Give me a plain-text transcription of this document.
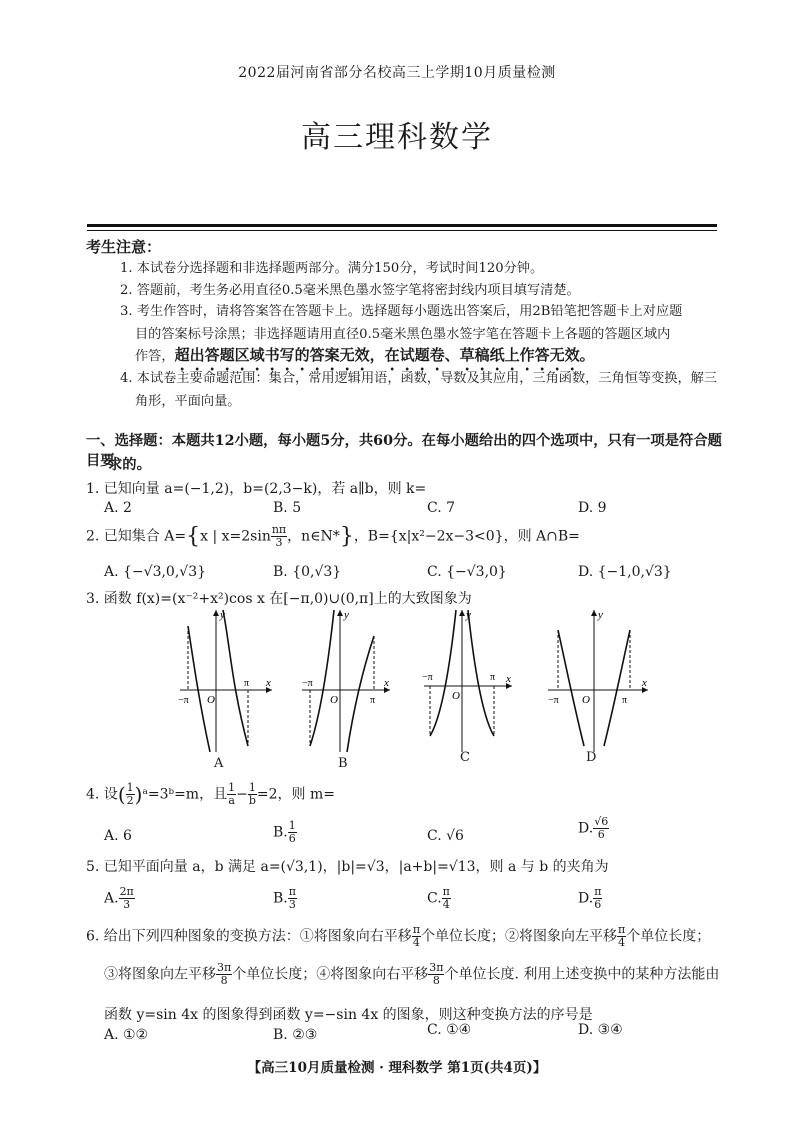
2022届河南省部分名校高三上学期10月质量检测
高三理科数学
考生注意：
1. 本试卷分选择题和非选择题两部分。满分150分，考试时间120分钟。
2. 答题前，考生务必用直径0.5毫米黑色墨水签字笔将密封线内项目填写清楚。
3. 考生作答时，请将答案答在答题卡上。选择题每小题选出答案后，用2B铅笔把答题卡上对应题
目的答案标号涂黑；非选择题请用直径0.5毫米黑色墨水签字笔在答题卡上各题的答题区域内
作答，超出答题区域书写的答案无效，在试题卷、草稿纸上作答无效。
4. 本试卷主要命题范围：集合，常用逻辑用语，函数，导数及其应用，三角函数，三角恒等变换，解三
角形，平面向量。
一、选择题：本题共12小题，每小题5分，共60分。在每小题给出的四个选项中，只有一项是符合题目要
求的。
1. 已知向量 a=(−1,2)，b=(2,3−k)，若 a∥b，则 k=
A. 2	B. 5	C. 7	D. 9
2. 已知集合 A={x | $x=2\sin \frac{n\pi}{3}$ ，n∈N*}，B={x|x²−2x−3<0}，则 A∩B=
A. {−√3,0,√3}	B. {0,√3}	C. {−√3,0}	D. {−1,0,√3}
3. 函数 f(x)=(x⁻²+x²)cos x 在[−π,0)∪(0,π]上的大致图象为
y
x
O
−π
π
A
y
x
O
−π
π
B
y
x
O
−π	π
C
y
x
O
−π	π
D
4. 设( $\frac{1}{2}$ )ᵃ=3ᵇ=m，且 $\frac{1}{a} - \frac{1}{b} =2$，则 m=
A. 6	B. $\frac{1}{6}$	C. √6	D. $\frac{√6}{6}$
5. 已知平面向量 a，b 满足 a=(√3,1)，|b|=√3，|a+b|=√13，则 a 与 b 的夹角为
A. $\frac{2\pi}{3}$	B. $\frac{\pi}{3}$	C. $\frac{\pi}{4}$	D. $\frac{\pi}{6}$
6. 给出下列四种图象的变换方法：①将图象向右平移 $\frac{\pi}{4}$ 个单位长度；②将图象向左平移 $\frac{\pi}{4}$ 个单位长度；
③将图象向左平移 $\frac{3\pi}{8}$ 个单位长度；④将图象向右平移 $\frac{3\pi}{8}$ 个单位长度. 利用上述变换中的某种方法能由
函数 y=sin 4x 的图象得到函数 y=−sin 4x 的图象，则这种变换方法的序号是
A. ①②	B. ②③	C. ①④	D. ③④
【高三10月质量检测 · 理科数学 第1页(共4页)】
